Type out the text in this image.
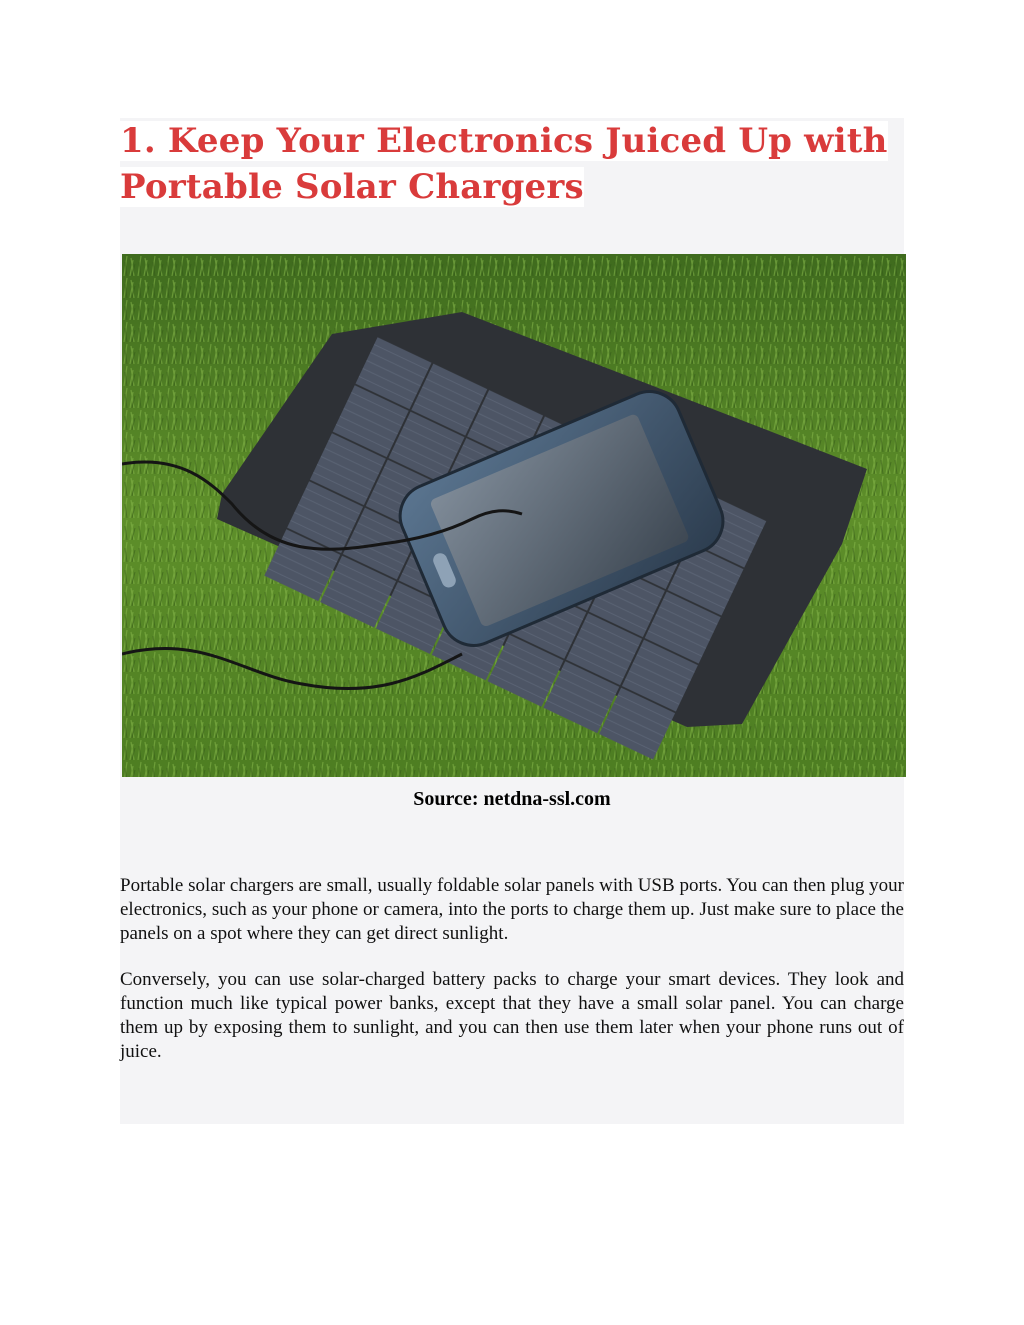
1. Keep Your Electronics Juiced Up with Portable Solar Chargers
Source: netdna-ssl.com

Portable solar chargers are small, usually foldable solar panels with USB ports. You can then plug your electronics, such as your phone or camera, into the ports to charge them up. Just make sure to place the panels on a spot where they can get direct sunlight.

Conversely, you can use solar-charged battery packs to charge your smart devices. They look and function much like typical power banks, except that they have a small solar panel. You can charge them up by exposing them to sunlight, and you can then use them later when your phone runs out of juice.
